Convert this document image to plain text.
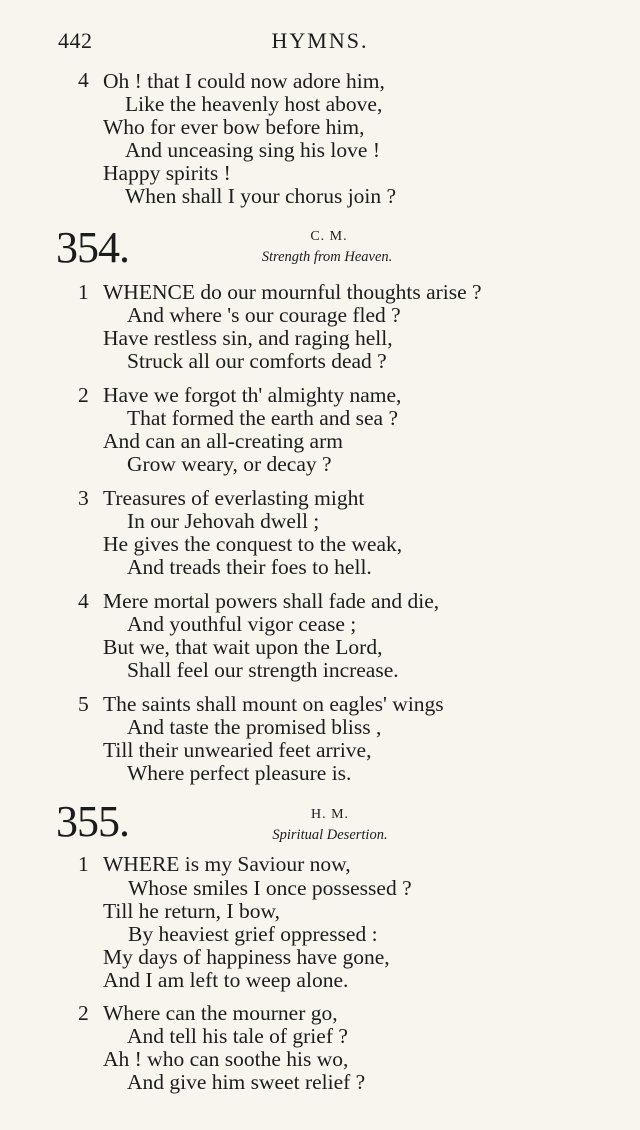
442	HYMNS.
4 Oh ! that I could now adore him,
Like the heavenly host above,
Who for ever bow before him,
And unceasing sing his love !
Happy spirits !
When shall I your chorus join ?
354.	C. M.
Strength from Heaven.
1 WHENCE do our mournful thoughts arise ?
And where 's our courage fled ?
Have restless sin, and raging hell,
Struck all our comforts dead ?
2 Have we forgot th' almighty name,
That formed the earth and sea ?
And can an all-creating arm
Grow weary, or decay ?
3 Treasures of everlasting might
In our Jehovah dwell ;
He gives the conquest to the weak,
And treads their foes to hell.
4 Mere mortal powers shall fade and die,
And youthful vigor cease ;
But we, that wait upon the Lord,
Shall feel our strength increase.
5 The saints shall mount on eagles' wings
And taste the promised bliss ,
Till their unwearied feet arrive,
Where perfect pleasure is.
355.	H. M.
Spiritual Desertion.
1 WHERE is my Saviour now,
Whose smiles I once possessed ?
Till he return, I bow,
By heaviest grief oppressed :
My days of happiness have gone,
And I am left to weep alone.
2 Where can the mourner go,
And tell his tale of grief ?
Ah ! who can soothe his wo,
And give him sweet relief ?
